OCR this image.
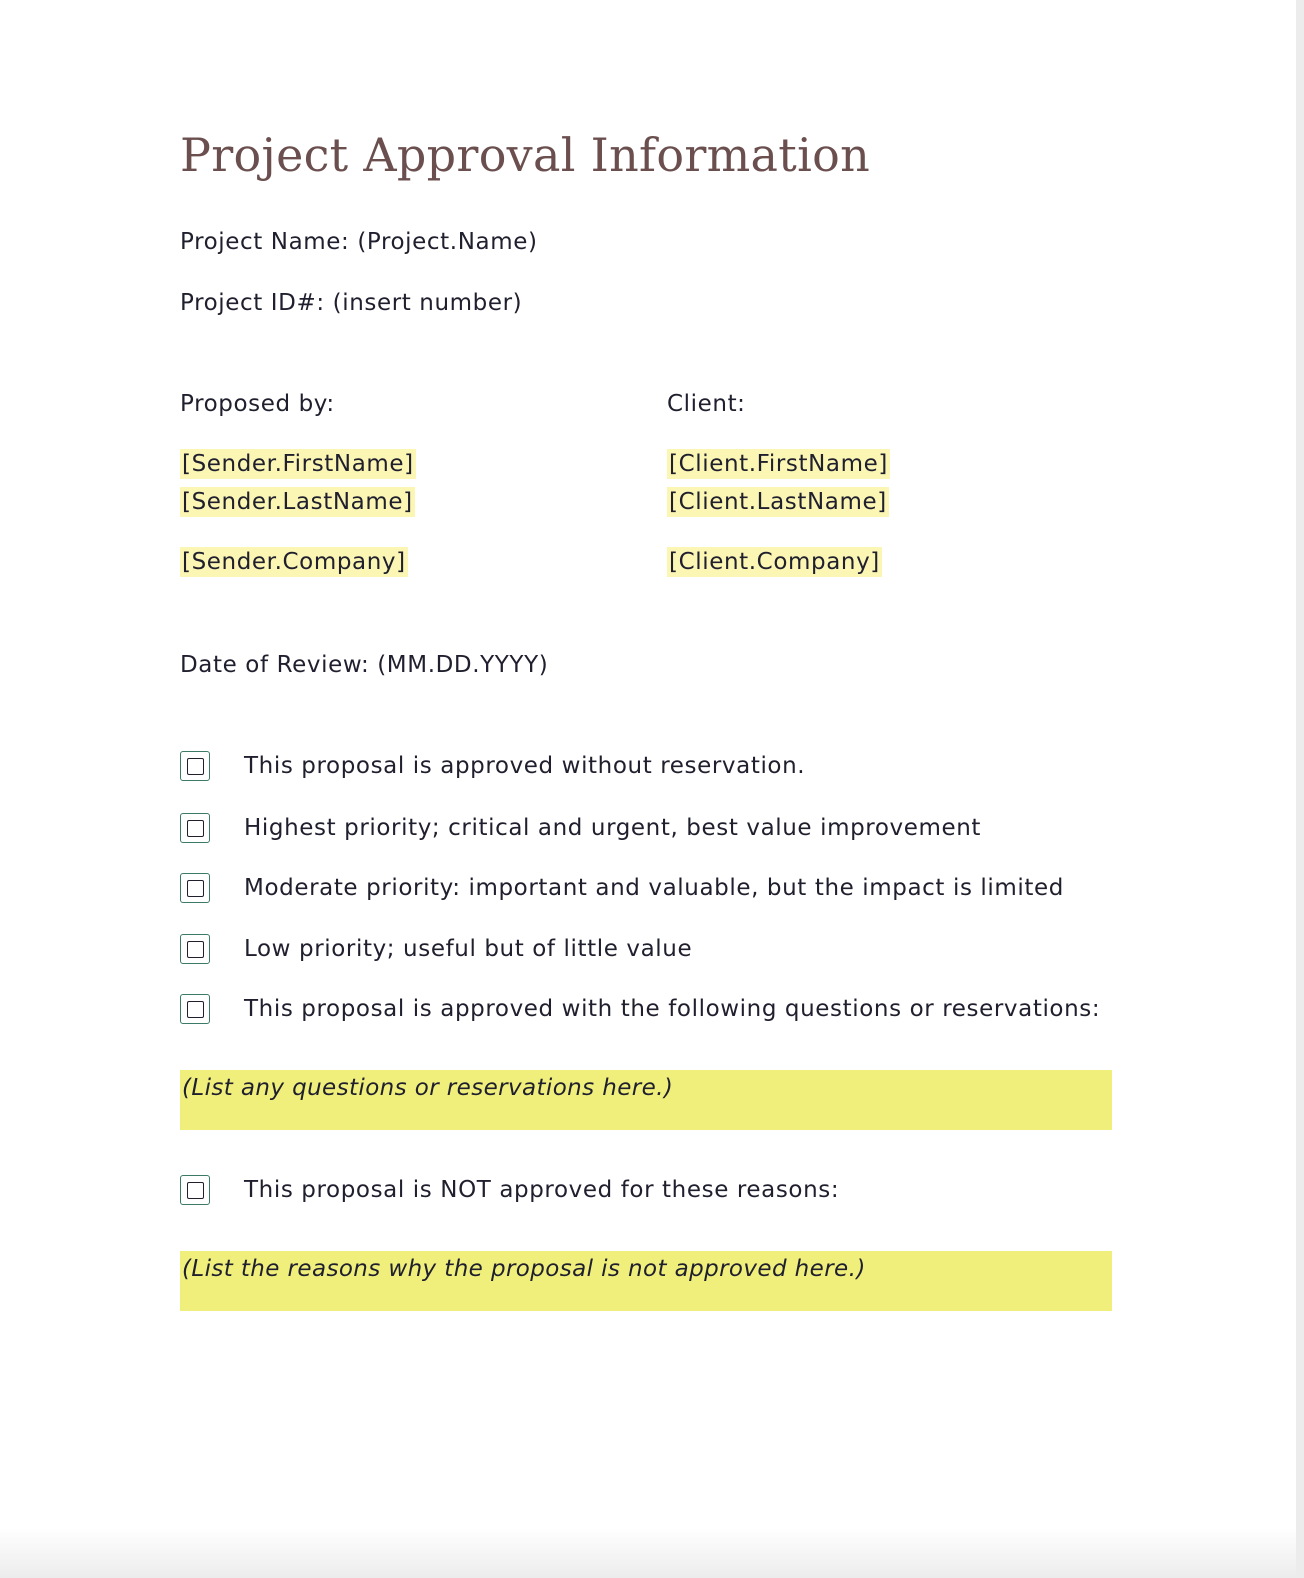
Project Approval Information
Project Name: (Project.Name)
Project ID#: (insert number)
Proposed by:	Client:
[Sender.FirstName]
[Sender.LastName]
[Sender.Company]
[Client.FirstName]
[Client.LastName]
[Client.Company]
Date of Review: (MM.DD.YYYY)
This proposal is approved without reservation.
Highest priority; critical and urgent, best value improvement
Moderate priority: important and valuable, but the impact is limited
Low priority; useful but of little value
This proposal is approved with the following questions or reservations:
(List any questions or reservations here.)
This proposal is NOT approved for these reasons:
(List the reasons why the proposal is not approved here.)
